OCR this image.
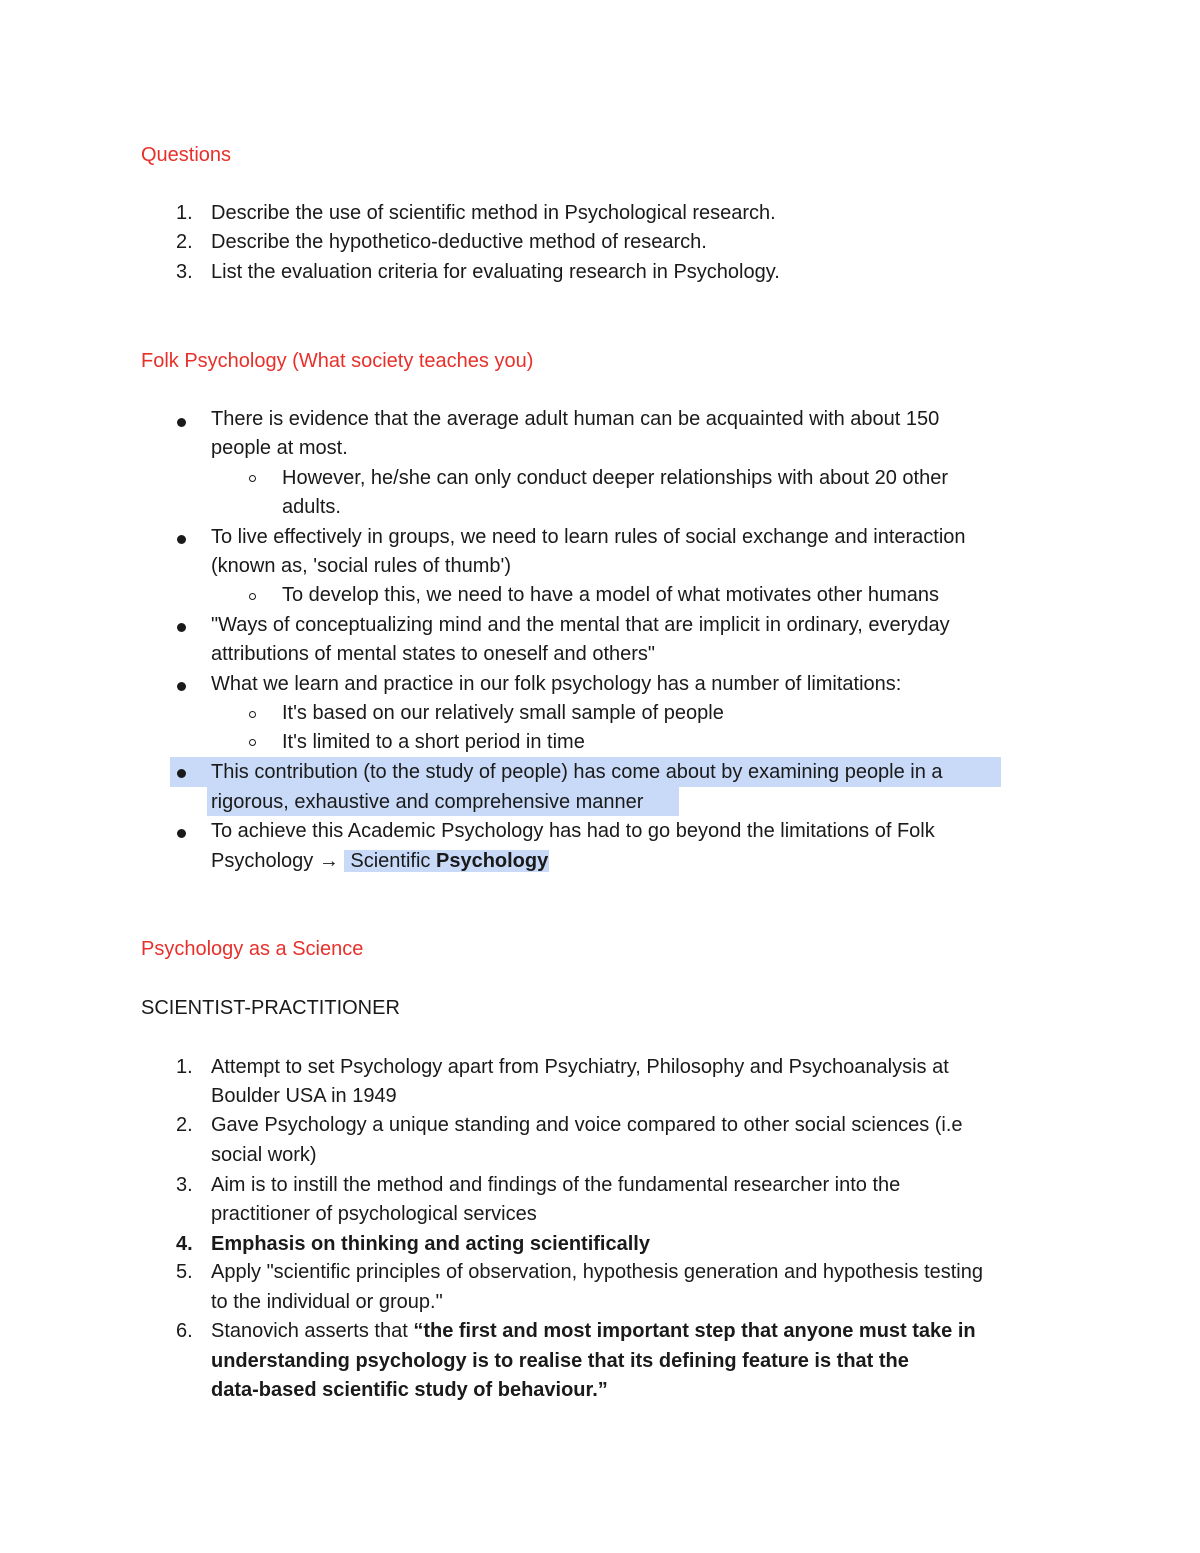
Questions
1. Describe the use of scientific method in Psychological research.
2. Describe the hypothetico-deductive method of research.
3. List the evaluation criteria for evaluating research in Psychology.
Folk Psychology (What society teaches you)
There is evidence that the average adult human can be acquainted with about 150
people at most.
However, he/she can only conduct deeper relationships with about 20 other
adults.
To live effectively in groups, we need to learn rules of social exchange and interaction
(known as, 'social rules of thumb')
To develop this, we need to have a model of what motivates other humans
"Ways of conceptualizing mind and the mental that are implicit in ordinary, everyday
attributions of mental states to oneself and others"
What we learn and practice in our folk psychology has a number of limitations:
It's based on our relatively small sample of people
It's limited to a short period in time
This contribution (to the study of people) has come about by examining people in a
rigorous, exhaustive and comprehensive manner
To achieve this Academic Psychology has had to go beyond the limitations of Folk
Psychology → Scientific Psychology
Psychology as a Science
SCIENTIST-PRACTITIONER
1. Attempt to set Psychology apart from Psychiatry, Philosophy and Psychoanalysis at
Boulder USA in 1949
2. Gave Psychology a unique standing and voice compared to other social sciences (i.e
social work)
3. Aim is to instill the method and findings of the fundamental researcher into the
practitioner of psychological services
4. Emphasis on thinking and acting scientifically
5. Apply "scientific principles of observation, hypothesis generation and hypothesis testing
to the individual or group."
6. Stanovich asserts that “the first and most important step that anyone must take in
understanding psychology is to realise that its defining feature is that the
data-based scientific study of behaviour.”
